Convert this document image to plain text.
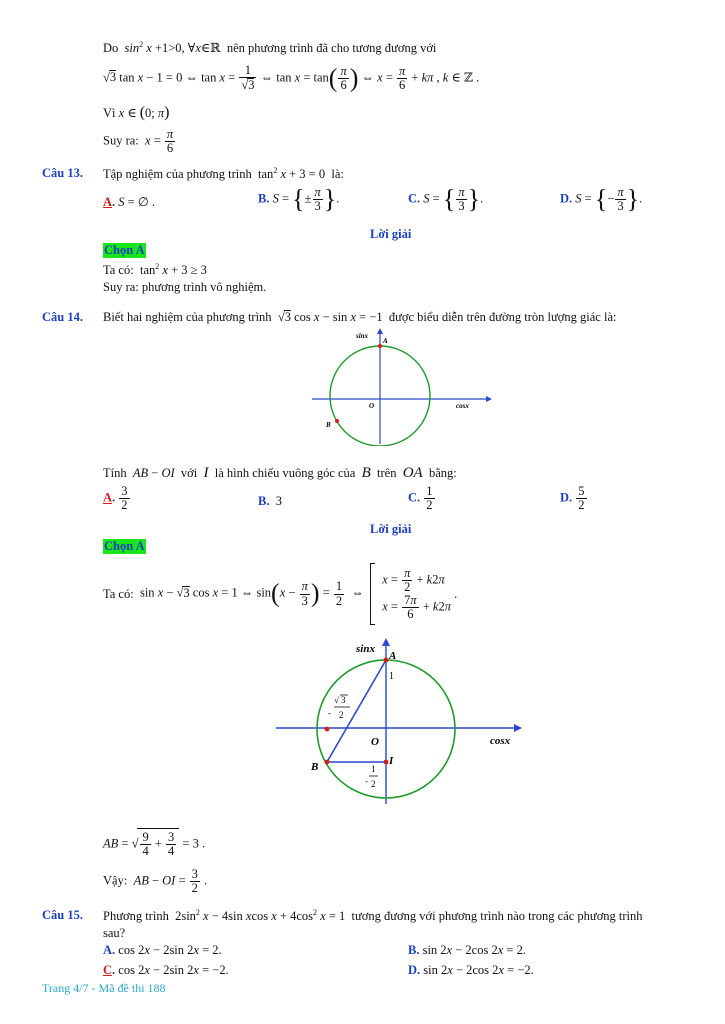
Do $\sin^2 x +1>0$, ∀x∈ℝ  nên phương trình đã cho tương đương với
√3 tan x − 1 = 0 ⇔ $\tan x = \frac{1}{√3}$ ⇔ $\tan x = \tan( \frac{\pi}{6}$ ) ⇔ $x = \frac{\pi}{6} + k\pi$ , k ∈ ℤ .
Vì x ∈ (0; π)
Suy ra: $x = \frac{\pi}{6}$
Câu 13. Tập nghiệm của phương trình  $\tan^2 x + 3 = 0$  là:
A. S = ∅ .	B. S = {± $\frac{\pi}{3}$ }.	C. S = { $\frac{\pi}{3}$ }.	D. S = {− $\frac{\pi}{3}$ }.
Lời giải
Chọn A
Ta có:  $\tan^2 x + 3 \ge 3$
Suy ra: phương trình vô nghiệm.
Câu 14. Biết hai nghiệm của phương trình  √3 cos x − sin x = −1  được biểu diễn trên đường tròn lượng giác là:
sinx
A
B
O	cosx
Tính AB − OI với I là hình chiếu vuông góc của B trên OA bằng:
A. $\frac{3}{2}$	B. 3	C. $\frac{1}{2}$	D. $\frac{5}{2}$
Lời giải
Chọn A
Ta có: sin x − √3 cos x = 1 ⇔ $\sin(x - \frac{\pi}{3}$ ) = $\frac{1}{2}$ ⇔
$x = \frac{\pi}{2} + k2\pi$
$x = \frac{7\pi}{6} + k2\pi$
.
sinx
A
1
B
O
I
cosx
-
√ 3
2
-
1
2
AB = √ $\frac{9}{4} + \frac{3}{4} = 3$ .
Vậy: AB − OI = $\frac{3}{2}$ .
Câu 15. Phương trình  $2\sin^2$ x − 4sin xcos $x + 4\cos^2$ x = 1  tương đương với phương trình nào trong các phương trình
sau?
A. cos 2x − 2sin 2x = 2.	B. sin 2x − 2cos 2x = 2.
C. cos 2x − 2sin 2x = −2.	D. sin 2x − 2cos 2x = −2.
Trang 4/7 - Mã đề thi 188
